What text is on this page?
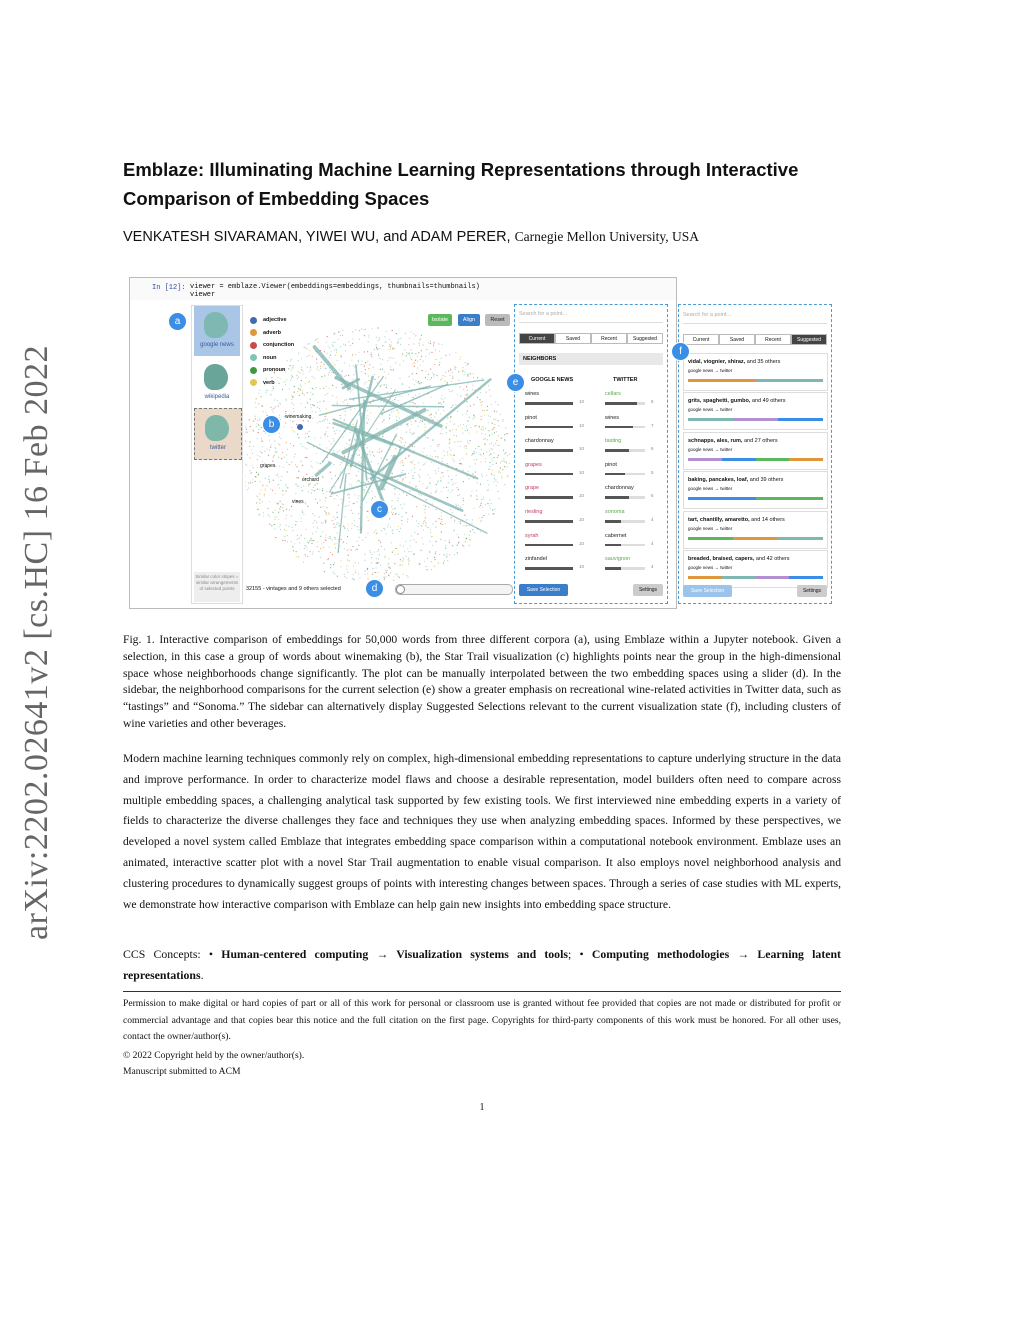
arXiv:2202.02641v2 [cs.HC] 16 Feb 2022
Emblaze: Illuminating Machine Learning Representations through Interactive Comparison of Embedding Spaces
VENKATESH SIVARAMAN, YIWEI WU, and ADAM PERER, Carnegie Mellon University, USA
In [12]: viewer = emblaze.Viewer(embeddings=embeddings, thumbnails=thumbnails)
viewer
google news
wikipedia
twitter
Similar color stripes = similar arrangements of selected points
adjective
adverb
conjunction
noun
pronoun
verb
Isolate	Align	Reset
winemaking
grapes
orchard
vines
32155 - vintages and 9 others selected
Search for a point...
Current	Saved	Recent	Suggested
NEIGHBORS
GOOGLE NEWS	TWITTER
wines	cellars
10	8
pinot	wines
10	7
chardonnay	tasting
10	6
grapes	pinot
10	5
grape	chardonnay
10	6
riesling	sonoma
10	4
syrah	cabernet
10	4
zinfandel	sauvignon
10	4
Save Selection	Settings
a
b
c
d
e
Search for a point...
Current	Saved	Recent	Suggested
vidal, viognier, shiraz, and 35 others
google news → twitter
grits, spaghetti, gumbo, and 49 others
google news → twitter
schnapps, ales, rum, and 27 others
google news → twitter
baking, pancakes, loaf, and 39 others
google news → twitter
tart, chantilly, amaretto, and 14 others
google news → twitter
breaded, braised, capers, and 42 others
google news → twitter
Save Selection	Settings
f
Fig. 1. Interactive comparison of embeddings for 50,000 words from three different corpora (a), using Emblaze within a Jupyter notebook. Given a selection, in this case a group of words about winemaking (b), the Star Trail visualization (c) highlights points near the group in the high-dimensional space whose neighborhoods change significantly. The plot can be manually interpolated between the two embedding spaces using a slider (d). In the sidebar, the neighborhood comparisons for the current selection (e) show a greater emphasis on recreational wine-related activities in Twitter data, such as “tastings” and “Sonoma.” The sidebar can alternatively display Suggested Selections relevant to the current visualization state (f), including clusters of wine varieties and other beverages.
Modern machine learning techniques commonly rely on complex, high-dimensional embedding representations to capture underlying structure in the data and improve performance. In order to characterize model flaws and choose a desirable representation, model builders often need to compare across multiple embedding spaces, a challenging analytical task supported by few existing tools. We first interviewed nine embedding experts in a variety of fields to characterize the diverse challenges they face and techniques they use when analyzing embedding spaces. Informed by these perspectives, we developed a novel system called Emblaze that integrates embedding space comparison within a computational notebook environment. Emblaze uses an animated, interactive scatter plot with a novel Star Trail augmentation to enable visual comparison. It also employs novel neighborhood analysis and clustering procedures to dynamically suggest groups of points with interesting changes between spaces. Through a series of case studies with ML experts, we demonstrate how interactive comparison with Emblaze can help gain new insights into embedding space structure.
CCS Concepts: • Human-centered computing → Visualization systems and tools; • Computing methodologies → Learning latent representations.
Permission to make digital or hard copies of part or all of this work for personal or classroom use is granted without fee provided that copies are not made or distributed for profit or commercial advantage and that copies bear this notice and the full citation on the first page. Copyrights for third-party components of this work must be honored. For all other uses, contact the owner/author(s).
© 2022 Copyright held by the owner/author(s).
Manuscript submitted to ACM
1
